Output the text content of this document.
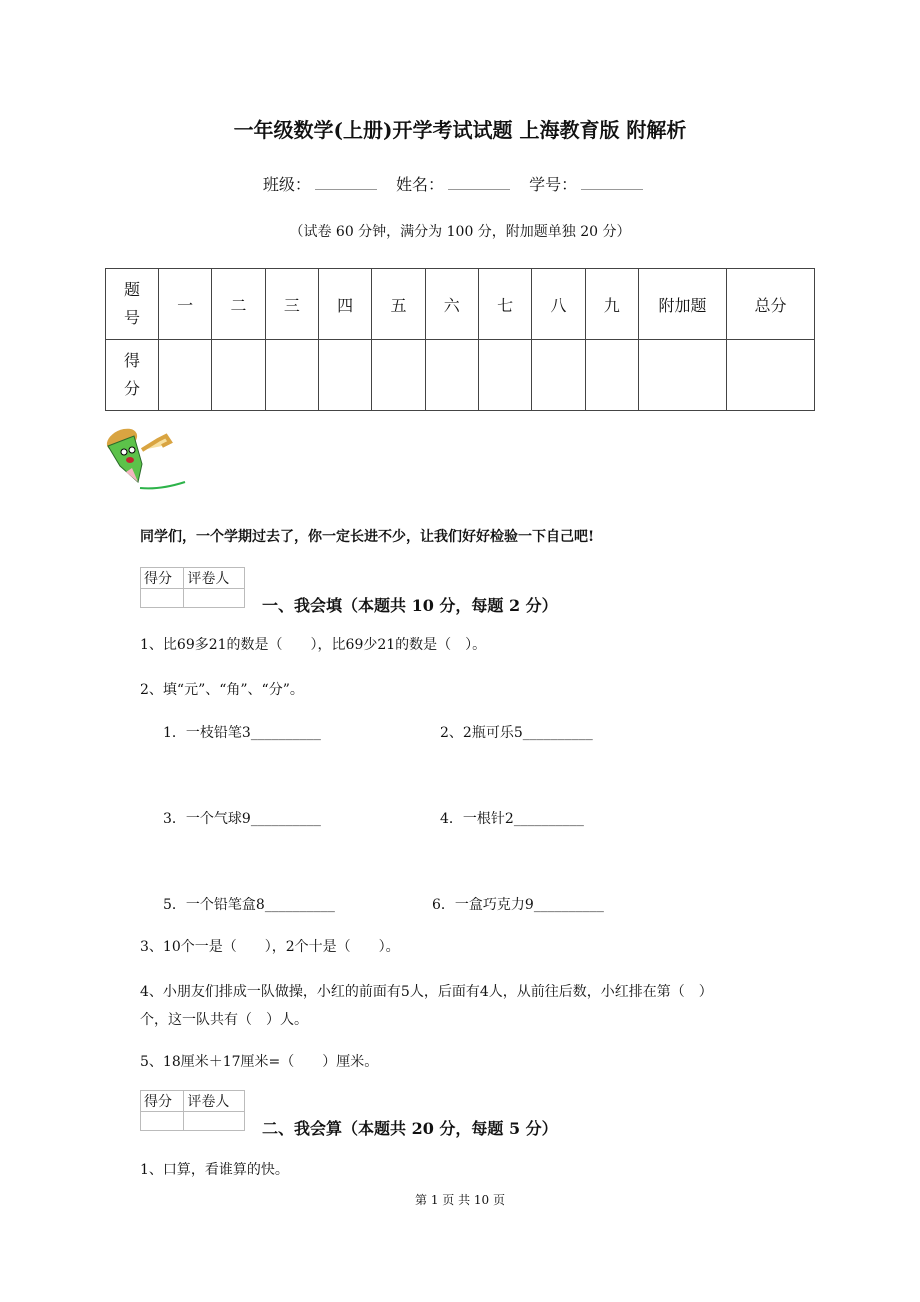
一年级数学(上册)开学考试试题 上海教育版 附解析
班级：	姓名：	学号：
（试卷 60 分钟，满分为 100 分，附加题单独 20 分）
题号	一	二	三	四	五	六	七	八	九	附加题	总分
得分											
同学们，一个学期过去了，你一定长进不少，让我们好好检验一下自己吧!
得分	评卷人

一、我会填（本题共 10 分，每题 2 分）
1、比69多21的数是（　　），比69少21的数是（　）。
2、填“元”、“角”、“分”。
1．一枝铅笔3__________	2、2瓶可乐5__________
3．一个气球9__________	4．一根针2__________
5．一个铅笔盒8__________	6．一盒巧克力9__________
3、10个一是（　　），2个十是（　　）。
4、小朋友们排成一队做操，小红的前面有5人，后面有4人，从前往后数，小红排在第（　）
个，这一队共有（　）人。
5、18厘米＋17厘米=（　　）厘米。
得分	评卷人

二、我会算（本题共 20 分，每题 5 分）
1、口算，看谁算的快。
第 1 页 共 10 页
